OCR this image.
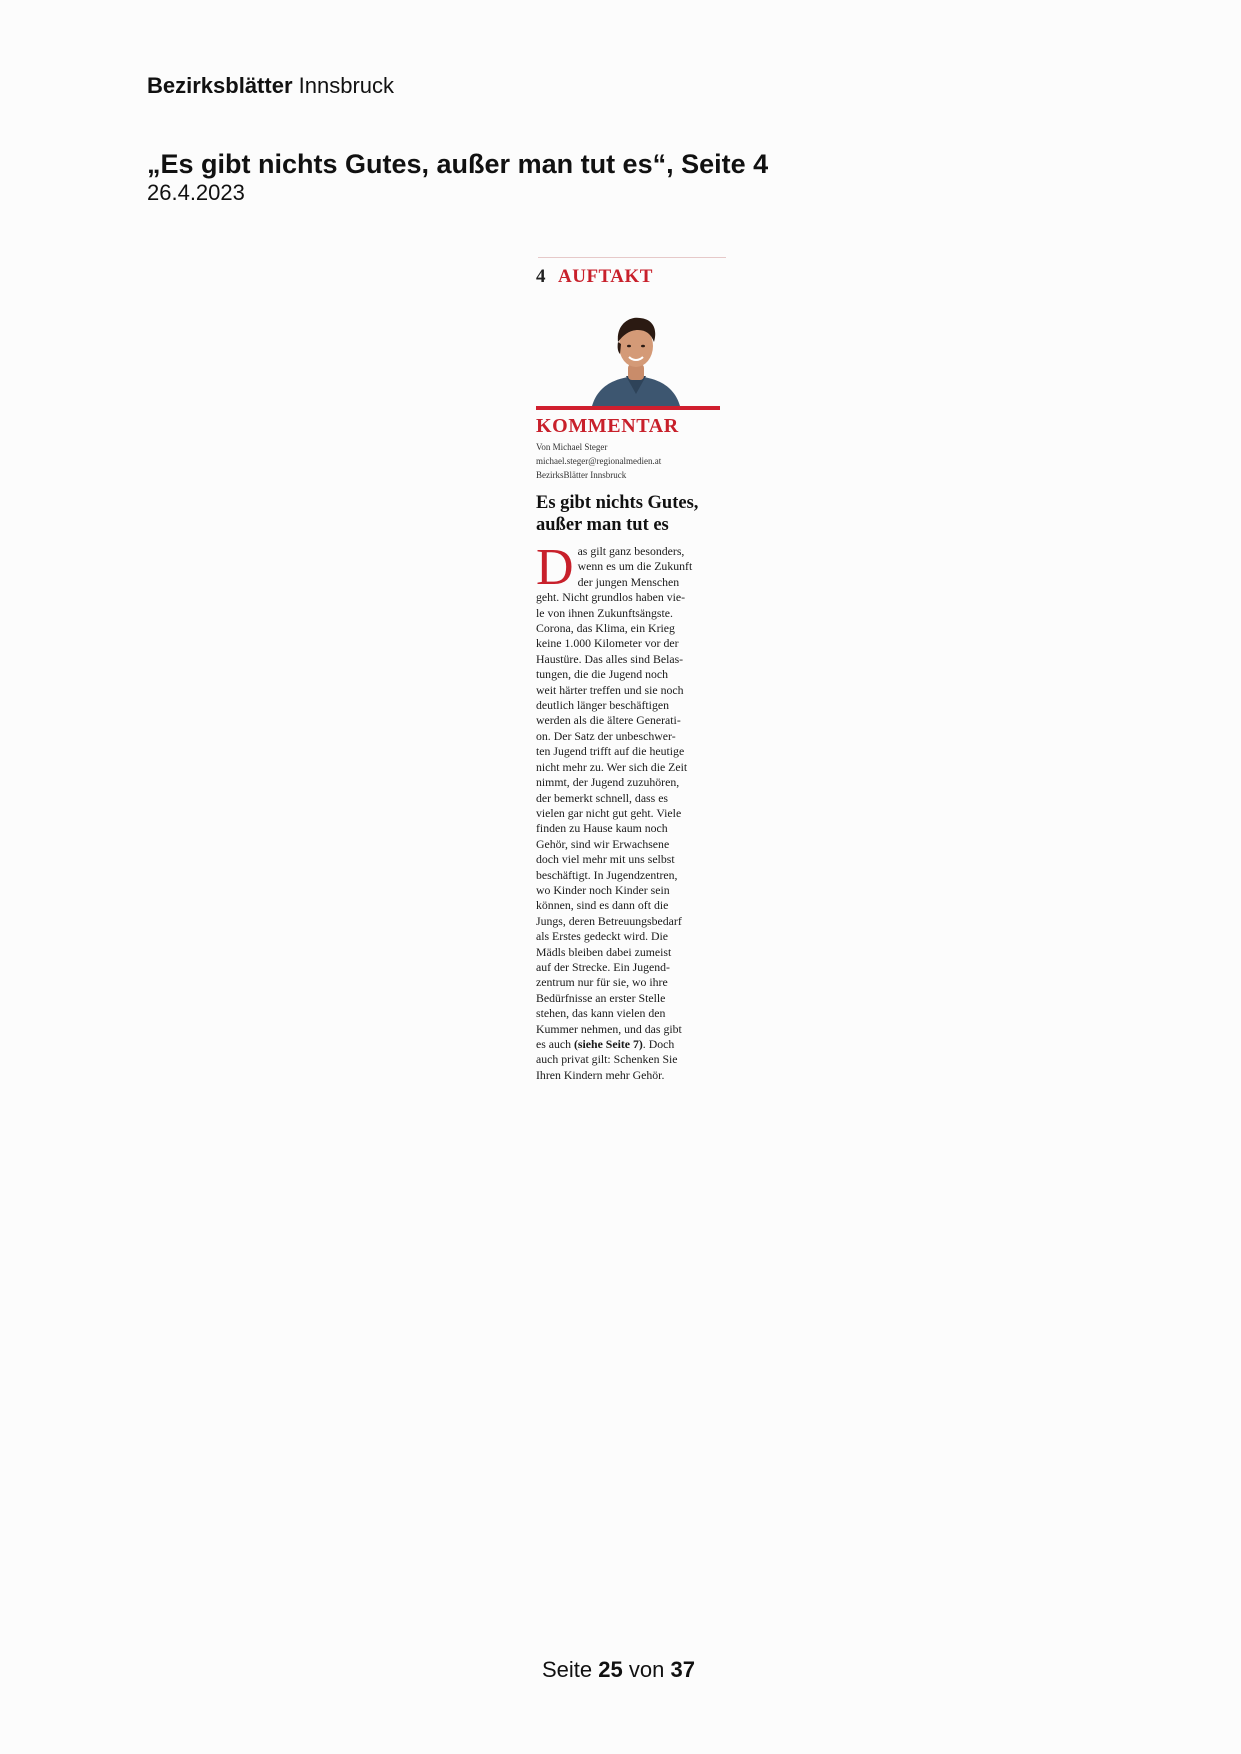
Bezirksblätter Innsbruck
„Es gibt nichts Gutes, außer man tut es“, Seite 4
26.4.2023
4 AUFTAKT
KOMMENTAR
Von Michael Steger
michael.steger@regionalmedien.at
BezirksBlätter Innsbruck
Es gibt nichts Gutes,
außer man tut es
D as gilt ganz besonders,
wenn es um die Zukunft
der jungen Menschen
geht. Nicht grundlos haben vie-
le von ihnen Zukunftsängste.
Corona, das Klima, ein Krieg
keine 1.000 Kilometer vor der
Haustüre. Das alles sind Belas-
tungen, die die Jugend noch
weit härter treffen und sie noch
deutlich länger beschäftigen
werden als die ältere Generati-
on. Der Satz der unbeschwer-
ten Jugend trifft auf die heutige
nicht mehr zu. Wer sich die Zeit
nimmt, der Jugend zuzuhören,
der bemerkt schnell, dass es
vielen gar nicht gut geht. Viele
finden zu Hause kaum noch
Gehör, sind wir Erwachsene
doch viel mehr mit uns selbst
beschäftigt. In Jugendzentren,
wo Kinder noch Kinder sein
können, sind es dann oft die
Jungs, deren Betreuungsbedarf
als Erstes gedeckt wird. Die
Mädls bleiben dabei zumeist
auf der Strecke. Ein Jugend-
zentrum nur für sie, wo ihre
Bedürfnisse an erster Stelle
stehen, das kann vielen den
Kummer nehmen, und das gibt
es auch (siehe Seite 7). Doch
auch privat gilt: Schenken Sie
Ihren Kindern mehr Gehör.
Seite 25 von 37
